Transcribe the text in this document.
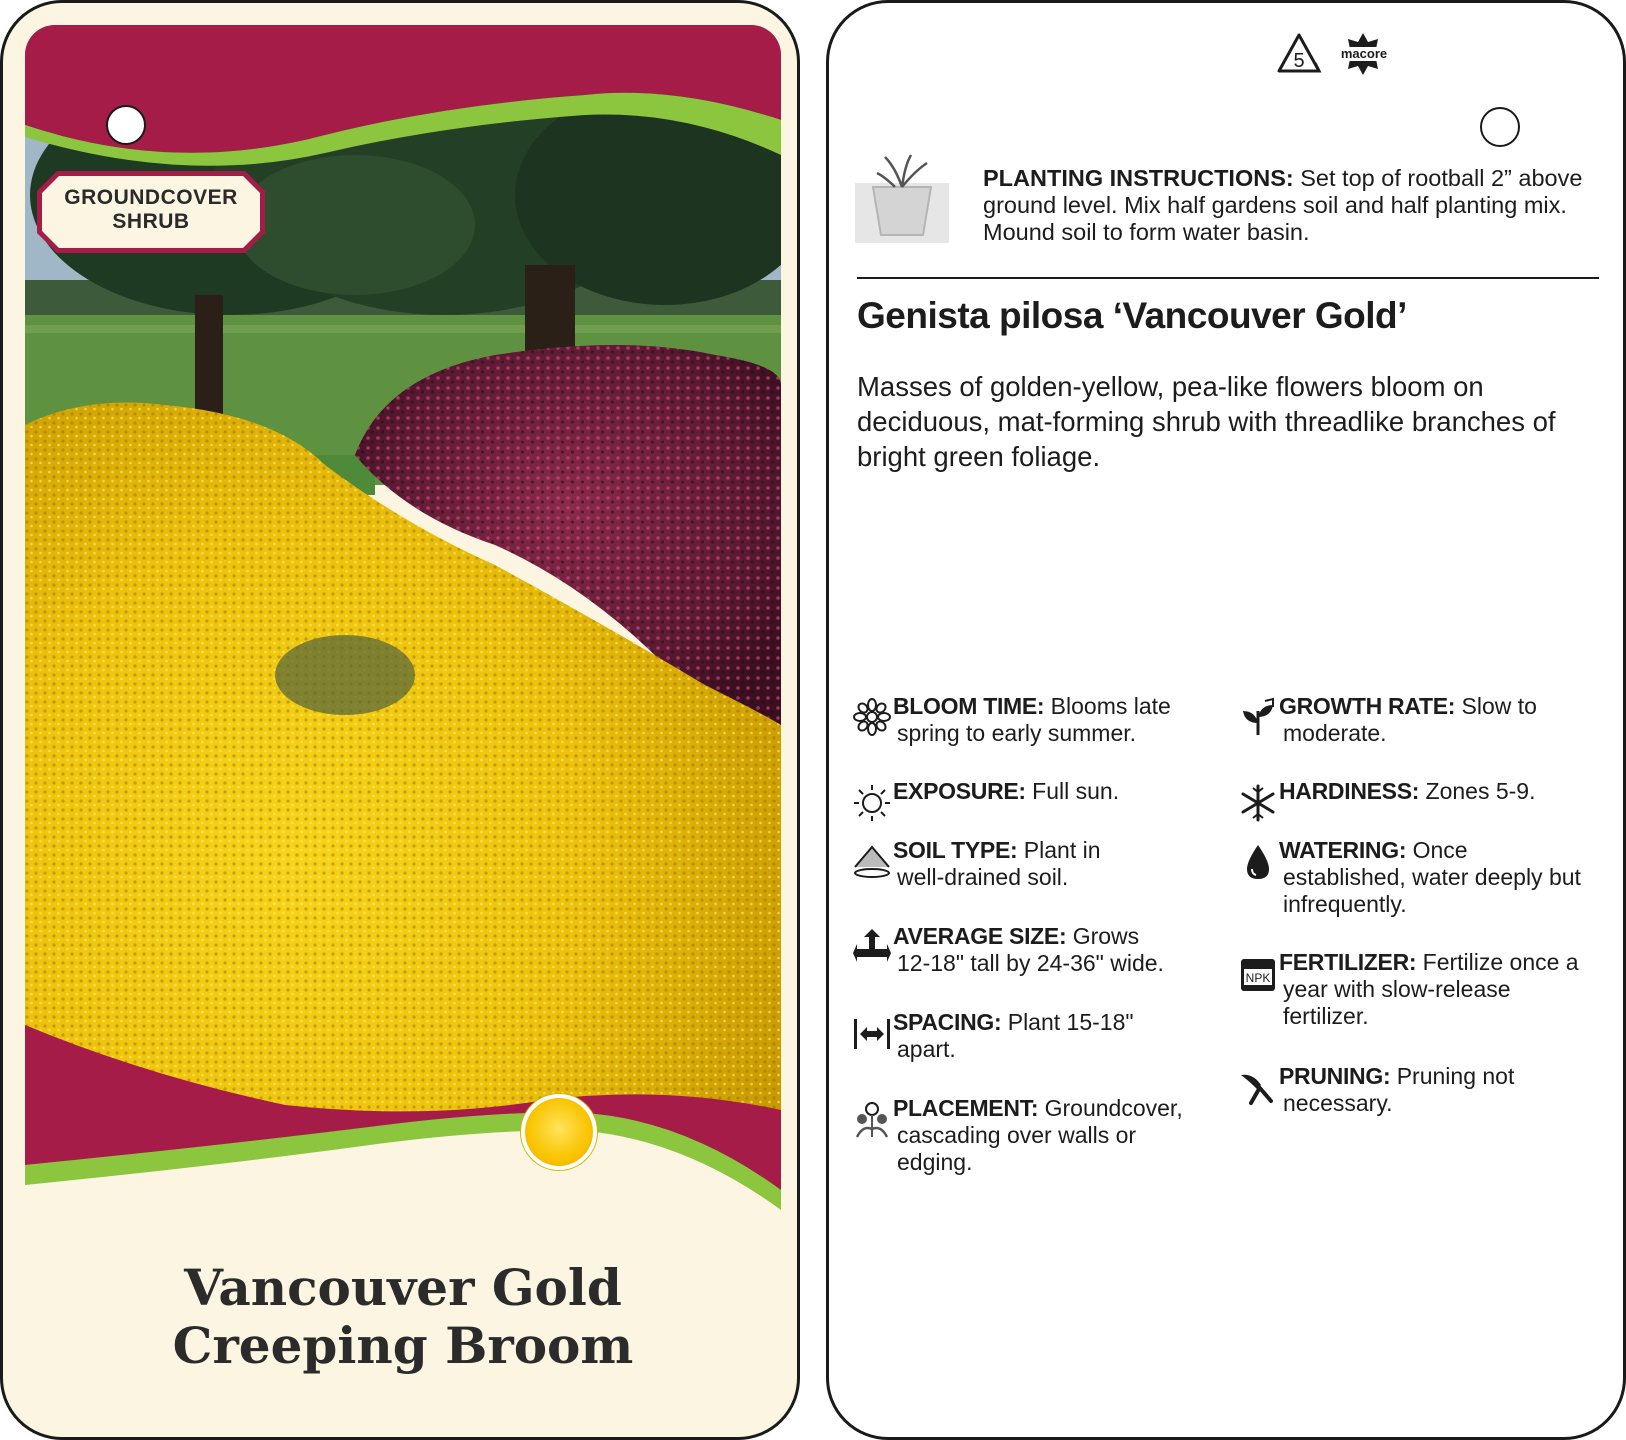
GROUNDCOVER
SHRUB
Vancouver Gold
Creeping Broom
5	macore
PLANTING INSTRUCTIONS: Set top of rootball 2” above ground level. Mix half gardens soil and half planting mix. Mound soil to form water basin.
Genista pilosa ‘Vancouver Gold’
Masses of golden-yellow, pea-like flowers bloom on deciduous, mat-forming shrub with threadlike branches of bright green foliage.
BLOOM TIME: Blooms late
spring to early summer.
EXPOSURE: Full sun.
SOIL TYPE: Plant in
well-drained soil.
AVERAGE SIZE: Grows
12-18" tall by 24-36" wide.
SPACING: Plant 15-18"
apart.
PLACEMENT: Groundcover,
cascading over walls or edging.
GROWTH RATE: Slow to
moderate.
HARDINESS: Zones 5-9.
WATERING: Once
established, water deeply but infrequently.
NPK
FERTILIZER: Fertilize once a
year with slow-release fertilizer.
PRUNING: Pruning not
necessary.
